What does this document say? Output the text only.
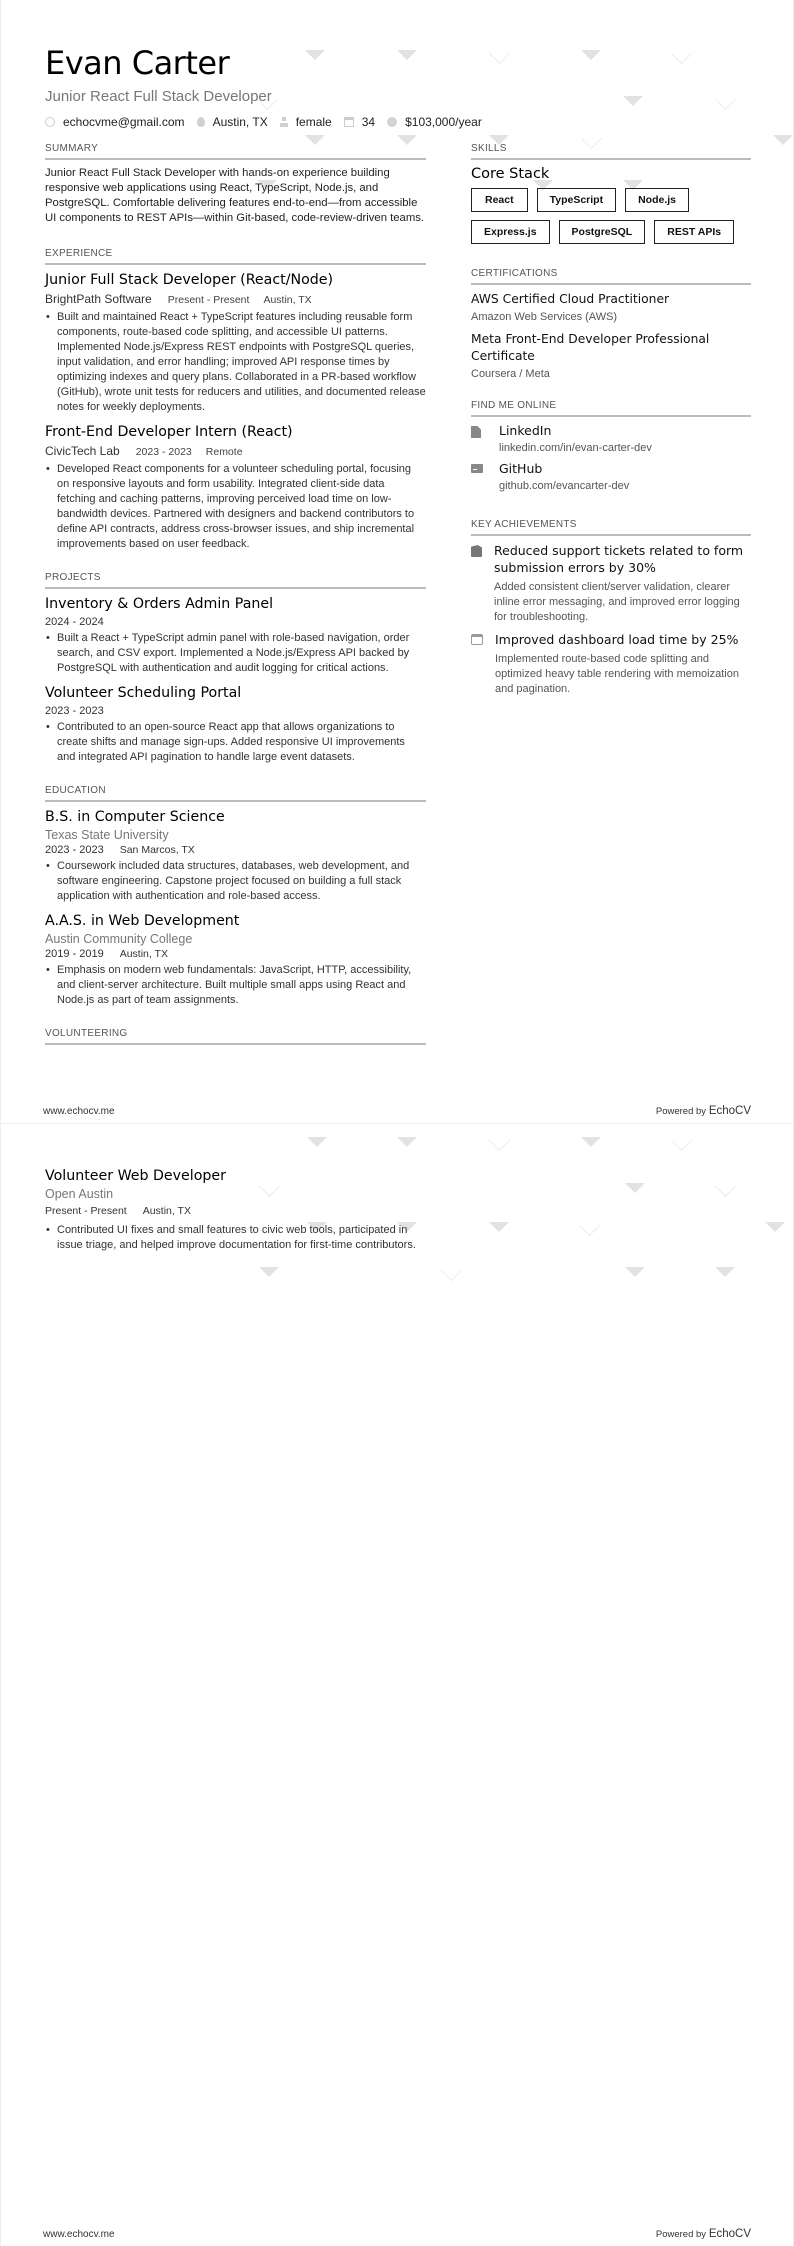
Evan Carter
Junior React Full Stack Developer
echocvme@gmail.com Austin, TX female	34	$103,000/year
SUMMARY

Junior React Full Stack Developer with hands-on experience building responsive web applications using React, TypeScript, Node.js, and PostgreSQL. Comfortable delivering features end-to-end—from accessible UI components to REST APIs—within Git-based, code-review-driven teams.

EXPERIENCE
Junior Full Stack Developer (React/Node)
BrightPath Software Present - Present Austin, TX
• Built and maintained React + TypeScript features including reusable form components, route-based code splitting, and accessible UI patterns. Implemented Node.js/Express REST endpoints with PostgreSQL queries, input validation, and error handling; improved API response times by optimizing indexes and query plans. Collaborated in a PR-based workflow (GitHub), wrote unit tests for reducers and utilities, and documented release notes for weekly deployments.
Front-End Developer Intern (React)
CivicTech Lab 2023 - 2023 Remote
• Developed React components for a volunteer scheduling portal, focusing on responsive layouts and form usability. Integrated client-side data fetching and caching patterns, improving perceived load time on low-bandwidth devices. Partnered with designers and backend contributors to define API contracts, address cross-browser issues, and ship incremental improvements based on user feedback.
PROJECTS
Inventory & Orders Admin Panel
2024 - 2024
• Built a React + TypeScript admin panel with role-based navigation, order search, and CSV export. Implemented a Node.js/Express API backed by PostgreSQL with authentication and audit logging for critical actions.
Volunteer Scheduling Portal
2023 - 2023
• Contributed to an open-source React app that allows organizations to create shifts and manage sign-ups. Added responsive UI improvements and integrated API pagination to handle large event datasets.
EDUCATION
B.S. in Computer Science
Texas State University
2023 - 2023 San Marcos, TX
• Coursework included data structures, databases, web development, and software engineering. Capstone project focused on building a full stack application with authentication and role-based access.
A.A.S. in Web Development
Austin Community College
2019 - 2019 Austin, TX
• Emphasis on modern web fundamentals: JavaScript, HTTP, accessibility, and client-server architecture. Built multiple small apps using React and Node.js as part of team assignments.
VOLUNTEERING
SKILLS
Core Stack
React	TypeScript	Node.js
Express.js	PostgreSQL	REST APIs
CERTIFICATIONS
AWS Certified Cloud Practitioner
Amazon Web Services (AWS)
Meta Front-End Developer Professional Certificate
Coursera / Meta
FIND ME ONLINE
LinkedIn
linkedin.com/in/evan-carter-dev
GitHub
github.com/evancarter-dev
KEY ACHIEVEMENTS
Reduced support tickets related to form submission errors by 30%
Added consistent client/server validation, clearer inline error messaging, and improved error logging for troubleshooting.
Improved dashboard load time by 25%
Implemented route-based code splitting and optimized heavy table rendering with memoization and pagination.
www.echocv.me	Powered by EchoCV
Volunteer Web Developer
Open Austin
Present - Present Austin, TX
• Contributed UI fixes and small features to civic web tools, participated in issue triage, and helped improve documentation for first-time contributors.
www.echocv.me	Powered by EchoCV
